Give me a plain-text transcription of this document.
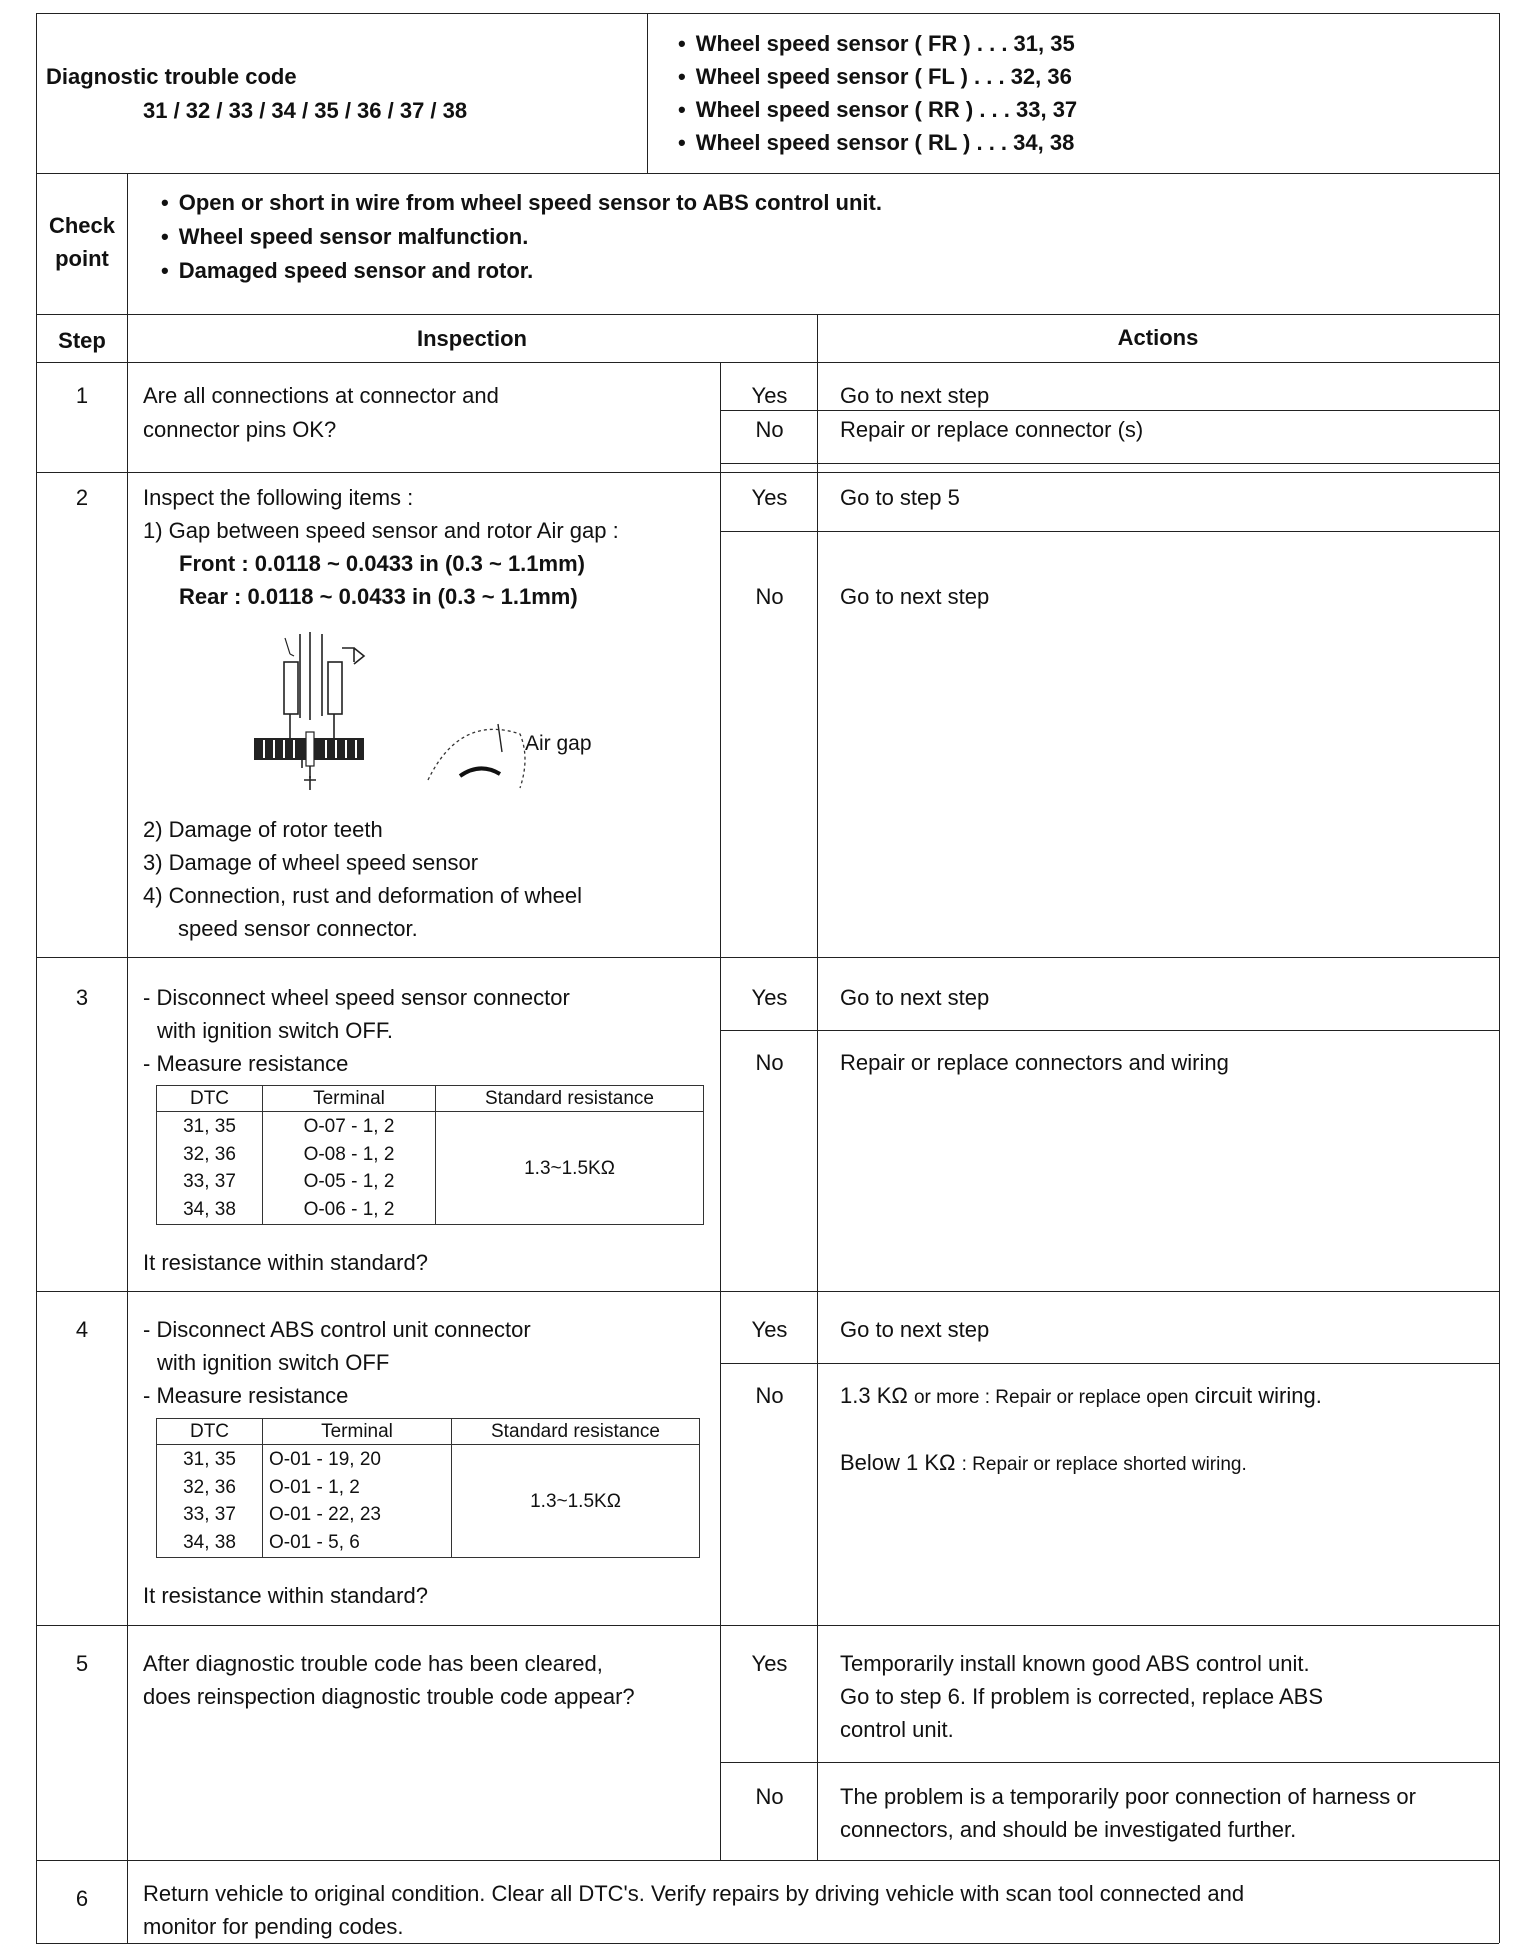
Diagnostic trouble code
31 / 32 / 33 / 34 / 35 / 36 / 37 / 38
• Wheel speed sensor ( FR ) . . . 31, 35
• Wheel speed sensor ( FL ) . . . 32, 36
• Wheel speed sensor ( RR ) . . . 33, 37
• Wheel speed sensor ( RL ) . . . 34, 38
Check
point
• Open or short in wire from wheel speed sensor to ABS control unit.
• Wheel speed sensor malfunction.
• Damaged speed sensor and rotor.
Step	Inspection	Actions
1	Are all connections at connector and
connector pins OK?
Yes	Go to next step
No	Repair or replace connector (s)
2	Inspect the following items :
1) Gap between speed sensor and rotor Air gap :
Front : 0.0118 ~ 0.0433 in (0.3 ~ 1.1mm)
Rear : 0.0118 ~ 0.0433 in (0.3 ~ 1.1mm)
Air gap
2) Damage of rotor teeth
3) Damage of wheel speed sensor
4) Connection, rust and deformation of wheel
speed sensor connector.
Yes	Go to step 5
No	Go to next step
3	- Disconnect wheel speed sensor connector
with ignition switch OFF.
- Measure resistance
DTC	Terminal	Standard resistance
31, 35	O-07 - 1, 2	1.3~1.5KΩ
32, 36	O-08 - 1, 2	
33, 37	O-05 - 1, 2	
34, 38	O-06 - 1, 2	
It resistance within standard?
Yes	Go to next step
No	Repair or replace connectors and wiring
4	- Disconnect ABS control unit connector
with ignition switch OFF
- Measure resistance
DTC	Terminal	Standard resistance
31, 35	O-01 - 19, 20	1.3~1.5KΩ
32, 36	O-01 - 1, 2	
33, 37	O-01 - 22, 23	
34, 38	O-01 - 5, 6	
It resistance within standard?
Yes	Go to next step
No	1.3 KΩ or more : Repair or replace open circuit wiring.
Below 1 KΩ : Repair or replace shorted wiring.
5	After diagnostic trouble code has been cleared,
does reinspection diagnostic trouble code appear?
Yes	Temporarily install known good ABS control unit.
Go to step 6. If problem is corrected, replace ABS
control unit.
No	The problem is a temporarily poor connection of harness or
connectors, and should be investigated further.
6	Return vehicle to original condition. Clear all DTC's. Verify repairs by driving vehicle with scan tool connected and
monitor for pending codes.
